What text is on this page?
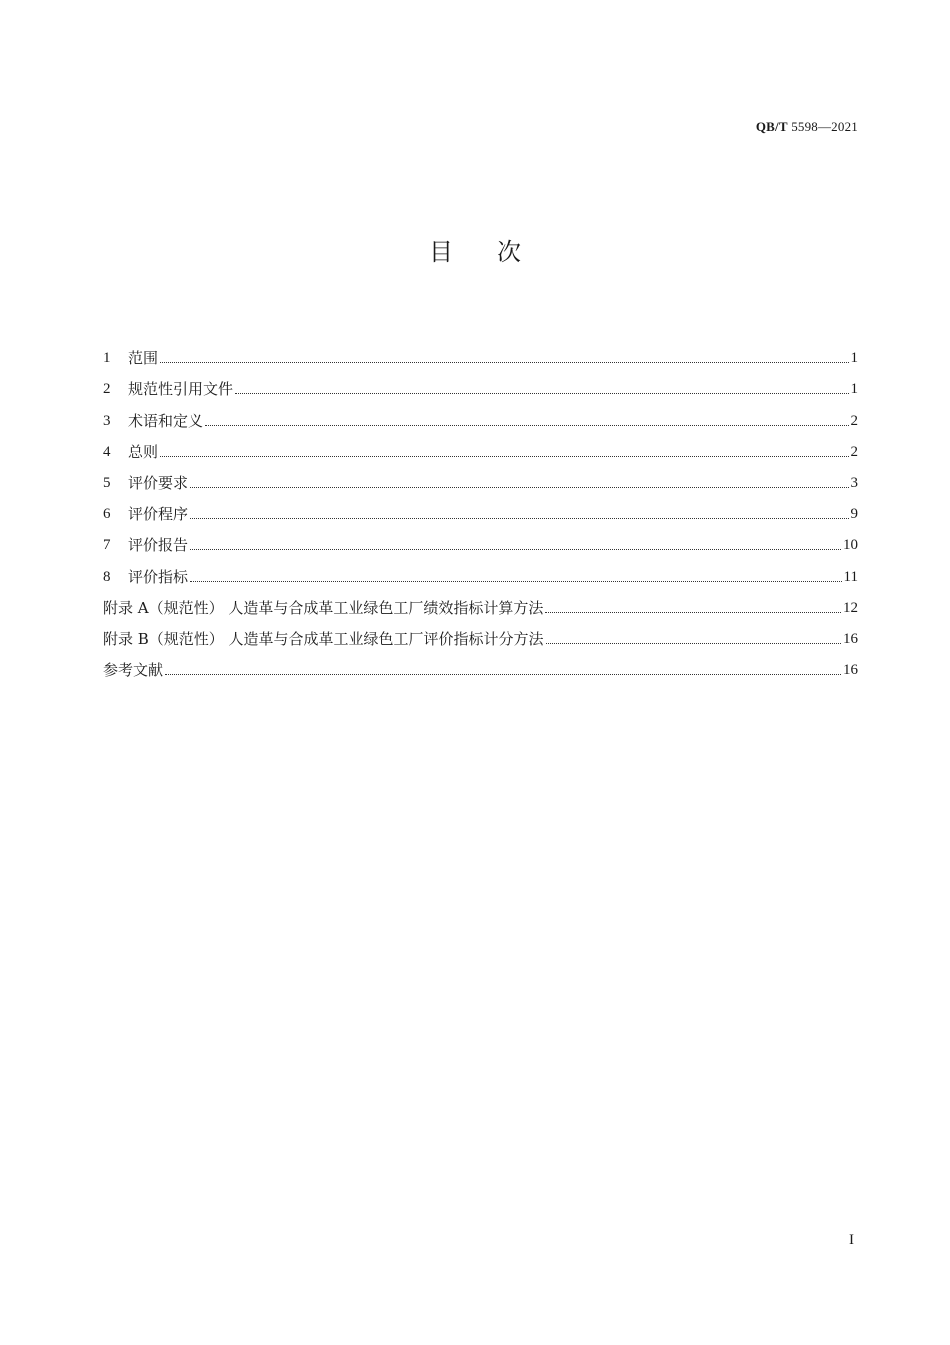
QB/T 5598—2021
目次
1	范围	1
2	规范性引用文件	1
3	术语和定义	2
4	总则	2
5	评价要求	3
6	评价程序	9
7	评价报告	10
8	评价指标	11
附录 A（规范性） 人造革与合成革工业绿色工厂绩效指标计算方法	12
附录 B（规范性） 人造革与合成革工业绿色工厂评价指标计分方法	16
参考文献	16
I
